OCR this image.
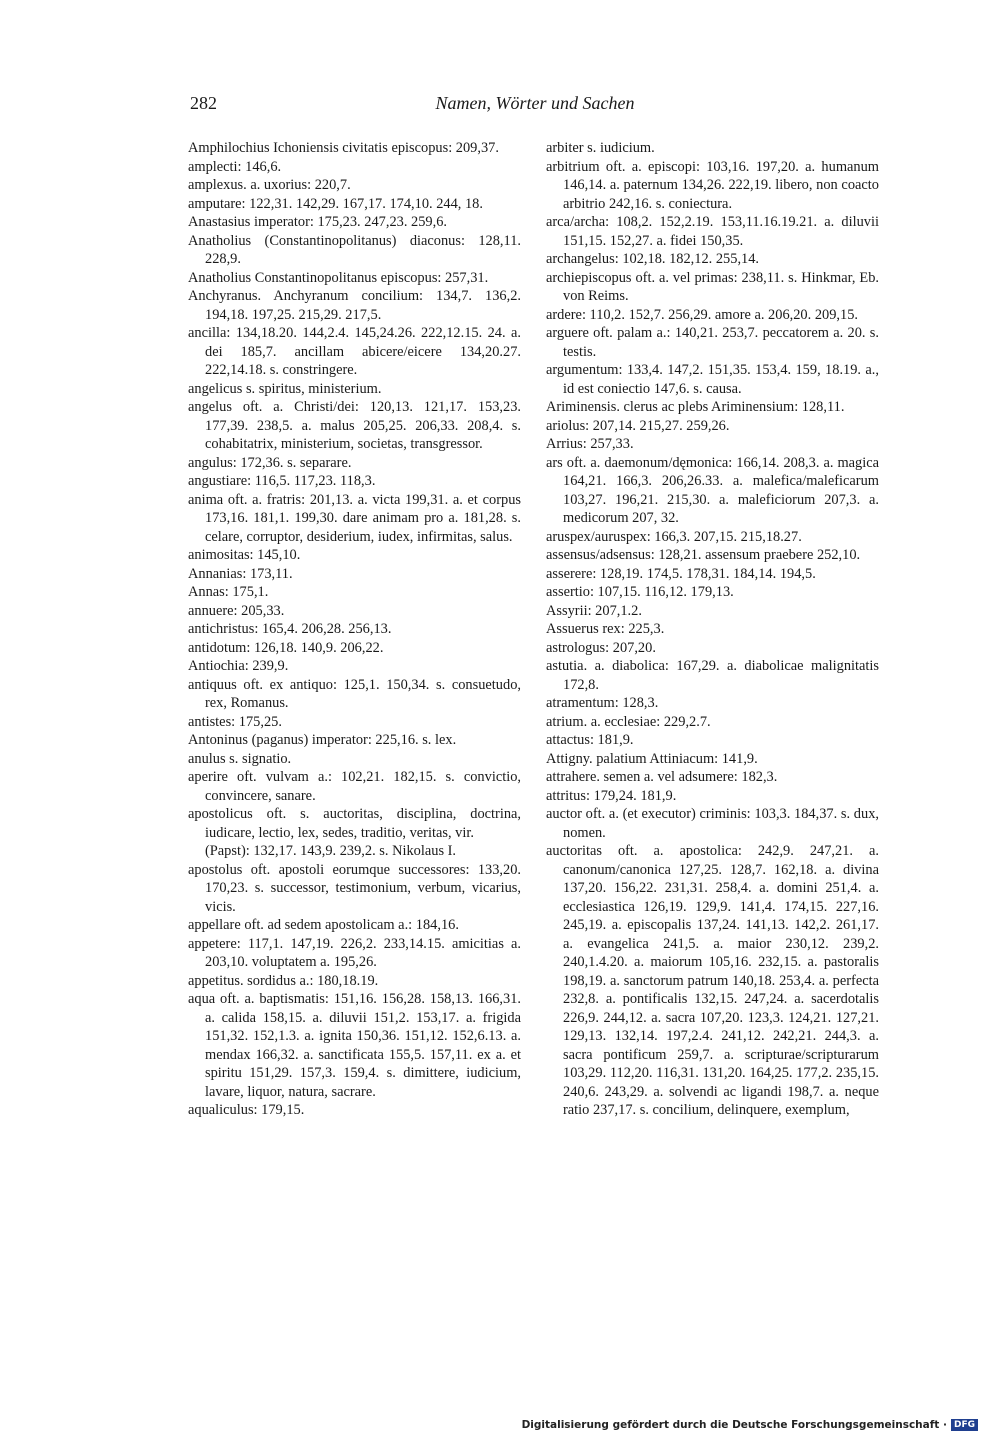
282	Namen, Wörter und Sachen

Amphilochius Ichoniensis civitatis episcopus: 209,37.

amplecti: 146,6.

amplexus. a. uxorius: 220,7.

amputare: 122,31. 142,29. 167,17. 174,10. 244, 18.

Anastasius imperator: 175,23. 247,23. 259,6.

Anatholius (Constantinopolitanus) diaconus: 128,11. 228,9.

Anatholius Constantinopolitanus episcopus: 257,31.

Anchyranus. Anchyranum concilium: 134,7. 136,2. 194,18. 197,25. 215,29. 217,5.

ancilla: 134,18.20. 144,2.4. 145,24.26. 222,12.15. 24. a. dei 185,7. ancillam abicere/eicere 134,20.27. 222,14.18. s. constringere.

angelicus s. spiritus, ministerium.

angelus oft. a. Christi/dei: 120,13. 121,17. 153,23. 177,39. 238,5. a. malus 205,25. 206,33. 208,4. s. cohabitatrix, ministerium, societas, transgressor.

angulus: 172,36. s. separare.

angustiare: 116,5. 117,23. 118,3.

anima oft. a. fratris: 201,13. a. victa 199,31. a. et corpus 173,16. 181,1. 199,30. dare animam pro a. 181,28. s. celare, corruptor, desiderium, iudex, infirmitas, salus.

animositas: 145,10.

Annanias: 173,11.

Annas: 175,1.

annuere: 205,33.

antichristus: 165,4. 206,28. 256,13.

antidotum: 126,18. 140,9. 206,22.

Antiochia: 239,9.

antiquus oft. ex antiquo: 125,1. 150,34. s. consuetudo, rex, Romanus.

antistes: 175,25.

Antoninus (paganus) imperator: 225,16. s. lex.

anulus s. signatio.

aperire oft. vulvam a.: 102,21. 182,15. s. convictio, convincere, sanare.

apostolicus oft. s. auctoritas, disciplina, doctrina, iudicare, lectio, lex, sedes, traditio, veritas, vir.

(Papst): 132,17. 143,9. 239,2. s. Nikolaus I.

apostolus oft. apostoli eorumque successores: 133,20. 170,23. s. successor, testimonium, verbum, vicarius, vicis.

appellare oft. ad sedem apostolicam a.: 184,16.

appetere: 117,1. 147,19. 226,2. 233,14.15. amicitias a. 203,10. voluptatem a. 195,26.

appetitus. sordidus a.: 180,18.19.

aqua oft. a. baptismatis: 151,16. 156,28. 158,13. 166,31. a. calida 158,15. a. diluvii 151,2. 153,17. a. frigida 151,32. 152,1.3. a. ignita 150,36. 151,12. 152,6.13. a. mendax 166,32. a. sanctificata 155,5. 157,11. ex a. et spiritu 151,29. 157,3. 159,4. s. dimittere, iudicium, lavare, liquor, natura, sacrare.

aqualiculus: 179,15.

arbiter s. iudicium.

arbitrium oft. a. episcopi: 103,16. 197,20. a. humanum 146,14. a. paternum 134,26. 222,19. libero, non coacto arbitrio 242,16. s. coniectura.

arca/archa: 108,2. 152,2.19. 153,11.16.19.21. a. diluvii 151,15. 152,27. a. fidei 150,35.

archangelus: 102,18. 182,12. 255,14.

archiepiscopus oft. a. vel primas: 238,11. s. Hinkmar, Eb. von Reims.

ardere: 110,2. 152,7. 256,29. amore a. 206,20. 209,15.

arguere oft. palam a.: 140,21. 253,7. peccatorem a. 20. s. testis.

argumentum: 133,4. 147,2. 151,35. 153,4. 159, 18.19. a., id est coniectio 147,6. s. causa.

Ariminensis. clerus ac plebs Ariminensium: 128,11.

ariolus: 207,14. 215,27. 259,26.

Arrius: 257,33.

ars oft. a. daemonum/dęmonica: 166,14. 208,3. a. magica 164,21. 166,3. 206,26.33. a. malefica/maleficarum 103,27. 196,21. 215,30. a. maleficiorum 207,3. a. medicorum 207, 32.

aruspex/auruspex: 166,3. 207,15. 215,18.27.

assensus/adsensus: 128,21. assensum praebere 252,10.

asserere: 128,19. 174,5. 178,31. 184,14. 194,5.

assertio: 107,15. 116,12. 179,13.

Assyrii: 207,1.2.

Assuerus rex: 225,3.

astrologus: 207,20.

astutia. a. diabolica: 167,29. a. diabolicae malignitatis 172,8.

atramentum: 128,3.

atrium. a. ecclesiae: 229,2.7.

attactus: 181,9.

Attigny. palatium Attiniacum: 141,9.

attrahere. semen a. vel adsumere: 182,3.

attritus: 179,24. 181,9.

auctor oft. a. (et executor) criminis: 103,3. 184,37. s. dux, nomen.

auctoritas oft. a. apostolica: 242,9. 247,21. a. canonum/canonica 127,25. 128,7. 162,18. a. divina 137,20. 156,22. 231,31. 258,4. a. domini 251,4. a. ecclesiastica 126,19. 129,9. 141,4. 174,15. 227,16. 245,19. a. episcopalis 137,24. 141,13. 142,2. 261,17. a. evangelica 241,5. a. maior 230,12. 239,2. 240,1.4.20. a. maiorum 105,16. 232,15. a. pastoralis 198,19. a. sanctorum patrum 140,18. 253,4. a. perfecta 232,8. a. pontificalis 132,15. 247,24. a. sacerdotalis 226,9. 244,12. a. sacra 107,20. 123,3. 124,21. 127,21. 129,13. 132,14. 197,2.4. 241,12. 242,21. 244,3. a. sacra pontificum 259,7. a. scripturae/scripturarum 103,29. 112,20. 116,31. 131,20. 164,25. 177,2. 235,15. 240,6. 243,29. a. solvendi ac ligandi 198,7. a. neque ratio 237,17. s. concilium, delinquere, exemplum,

Digitalisierung gefördert durch die Deutsche Forschungsgemeinschaft · DFG
